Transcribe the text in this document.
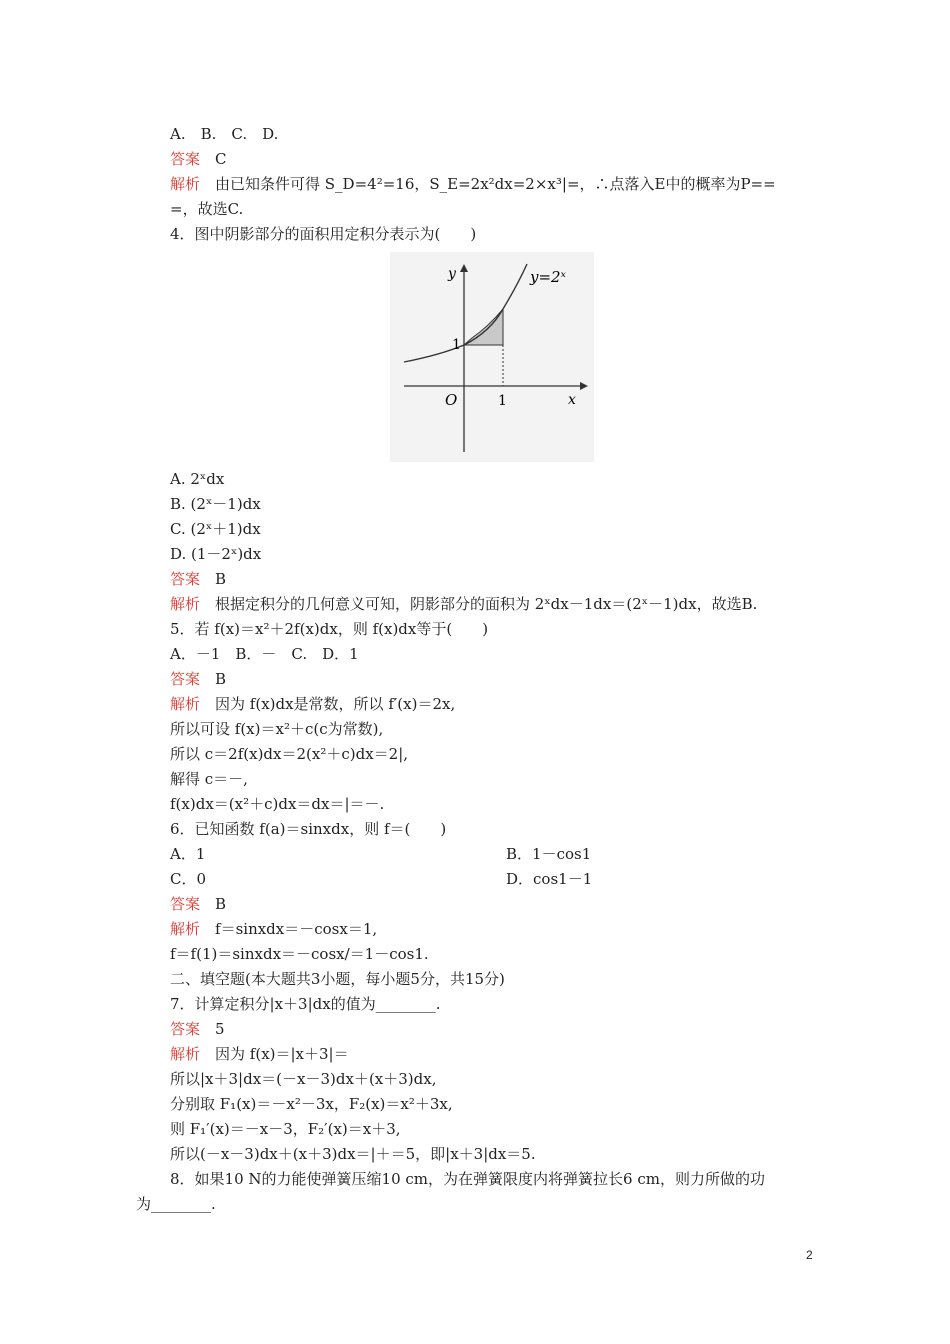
A.　B.　C.　D.
答案　C
解析　由已知条件可得 S_D=4²=16，S_E=2x²dx=2×x³|=，∴点落入E中的概率为P==
=，故选C.
4．图中阴影部分的面积用定积分表示为(　　)
y
x
O
1
1
y=2ˣ
A. 2ˣdx
B. (2ˣ－1)dx
C. (2ˣ＋1)dx
D. (1－2ˣ)dx
答案　B
解析　根据定积分的几何意义可知，阴影部分的面积为 2ˣdx－1dx＝(2ˣ－1)dx，故选B.
5．若 f(x)＝x²＋2f(x)dx，则 f(x)dx等于(　　)
A．－1　B．－　C.　D．1
答案　B
解析　因为 f(x)dx是常数，所以 f′(x)＝2x,
所以可设 f(x)＝x²＋c(c为常数),
所以 c＝2f(x)dx＝2(x²＋c)dx＝2|,
解得 c＝－,
f(x)dx＝(x²＋c)dx＝dx＝|＝－.
6．已知函数 f(a)＝sinxdx，则 f＝(　　)
A．1	B．1－cos1
C．0	D．cos1－1
答案　B
解析　f＝sinxdx＝－cosx＝1,
f＝f(1)＝sinxdx＝－cosx/＝1－cos1.
二、填空题(本大题共3小题，每小题5分，共15分)
7．计算定积分|x＋3|dx的值为________.
答案　5
解析　因为 f(x)＝|x＋3|＝
所以|x＋3|dx＝(－x－3)dx＋(x＋3)dx,
分别取 F₁(x)＝－x²－3x，F₂(x)＝x²＋3x,
则 F₁′(x)＝－x－3，F₂′(x)＝x＋3,
所以(－x－3)dx＋(x＋3)dx＝|＋＝5，即|x＋3|dx＝5.
8．如果10 N的力能使弹簧压缩10 cm，为在弹簧限度内将弹簧拉长6 cm，则力所做的功
为________.
2
